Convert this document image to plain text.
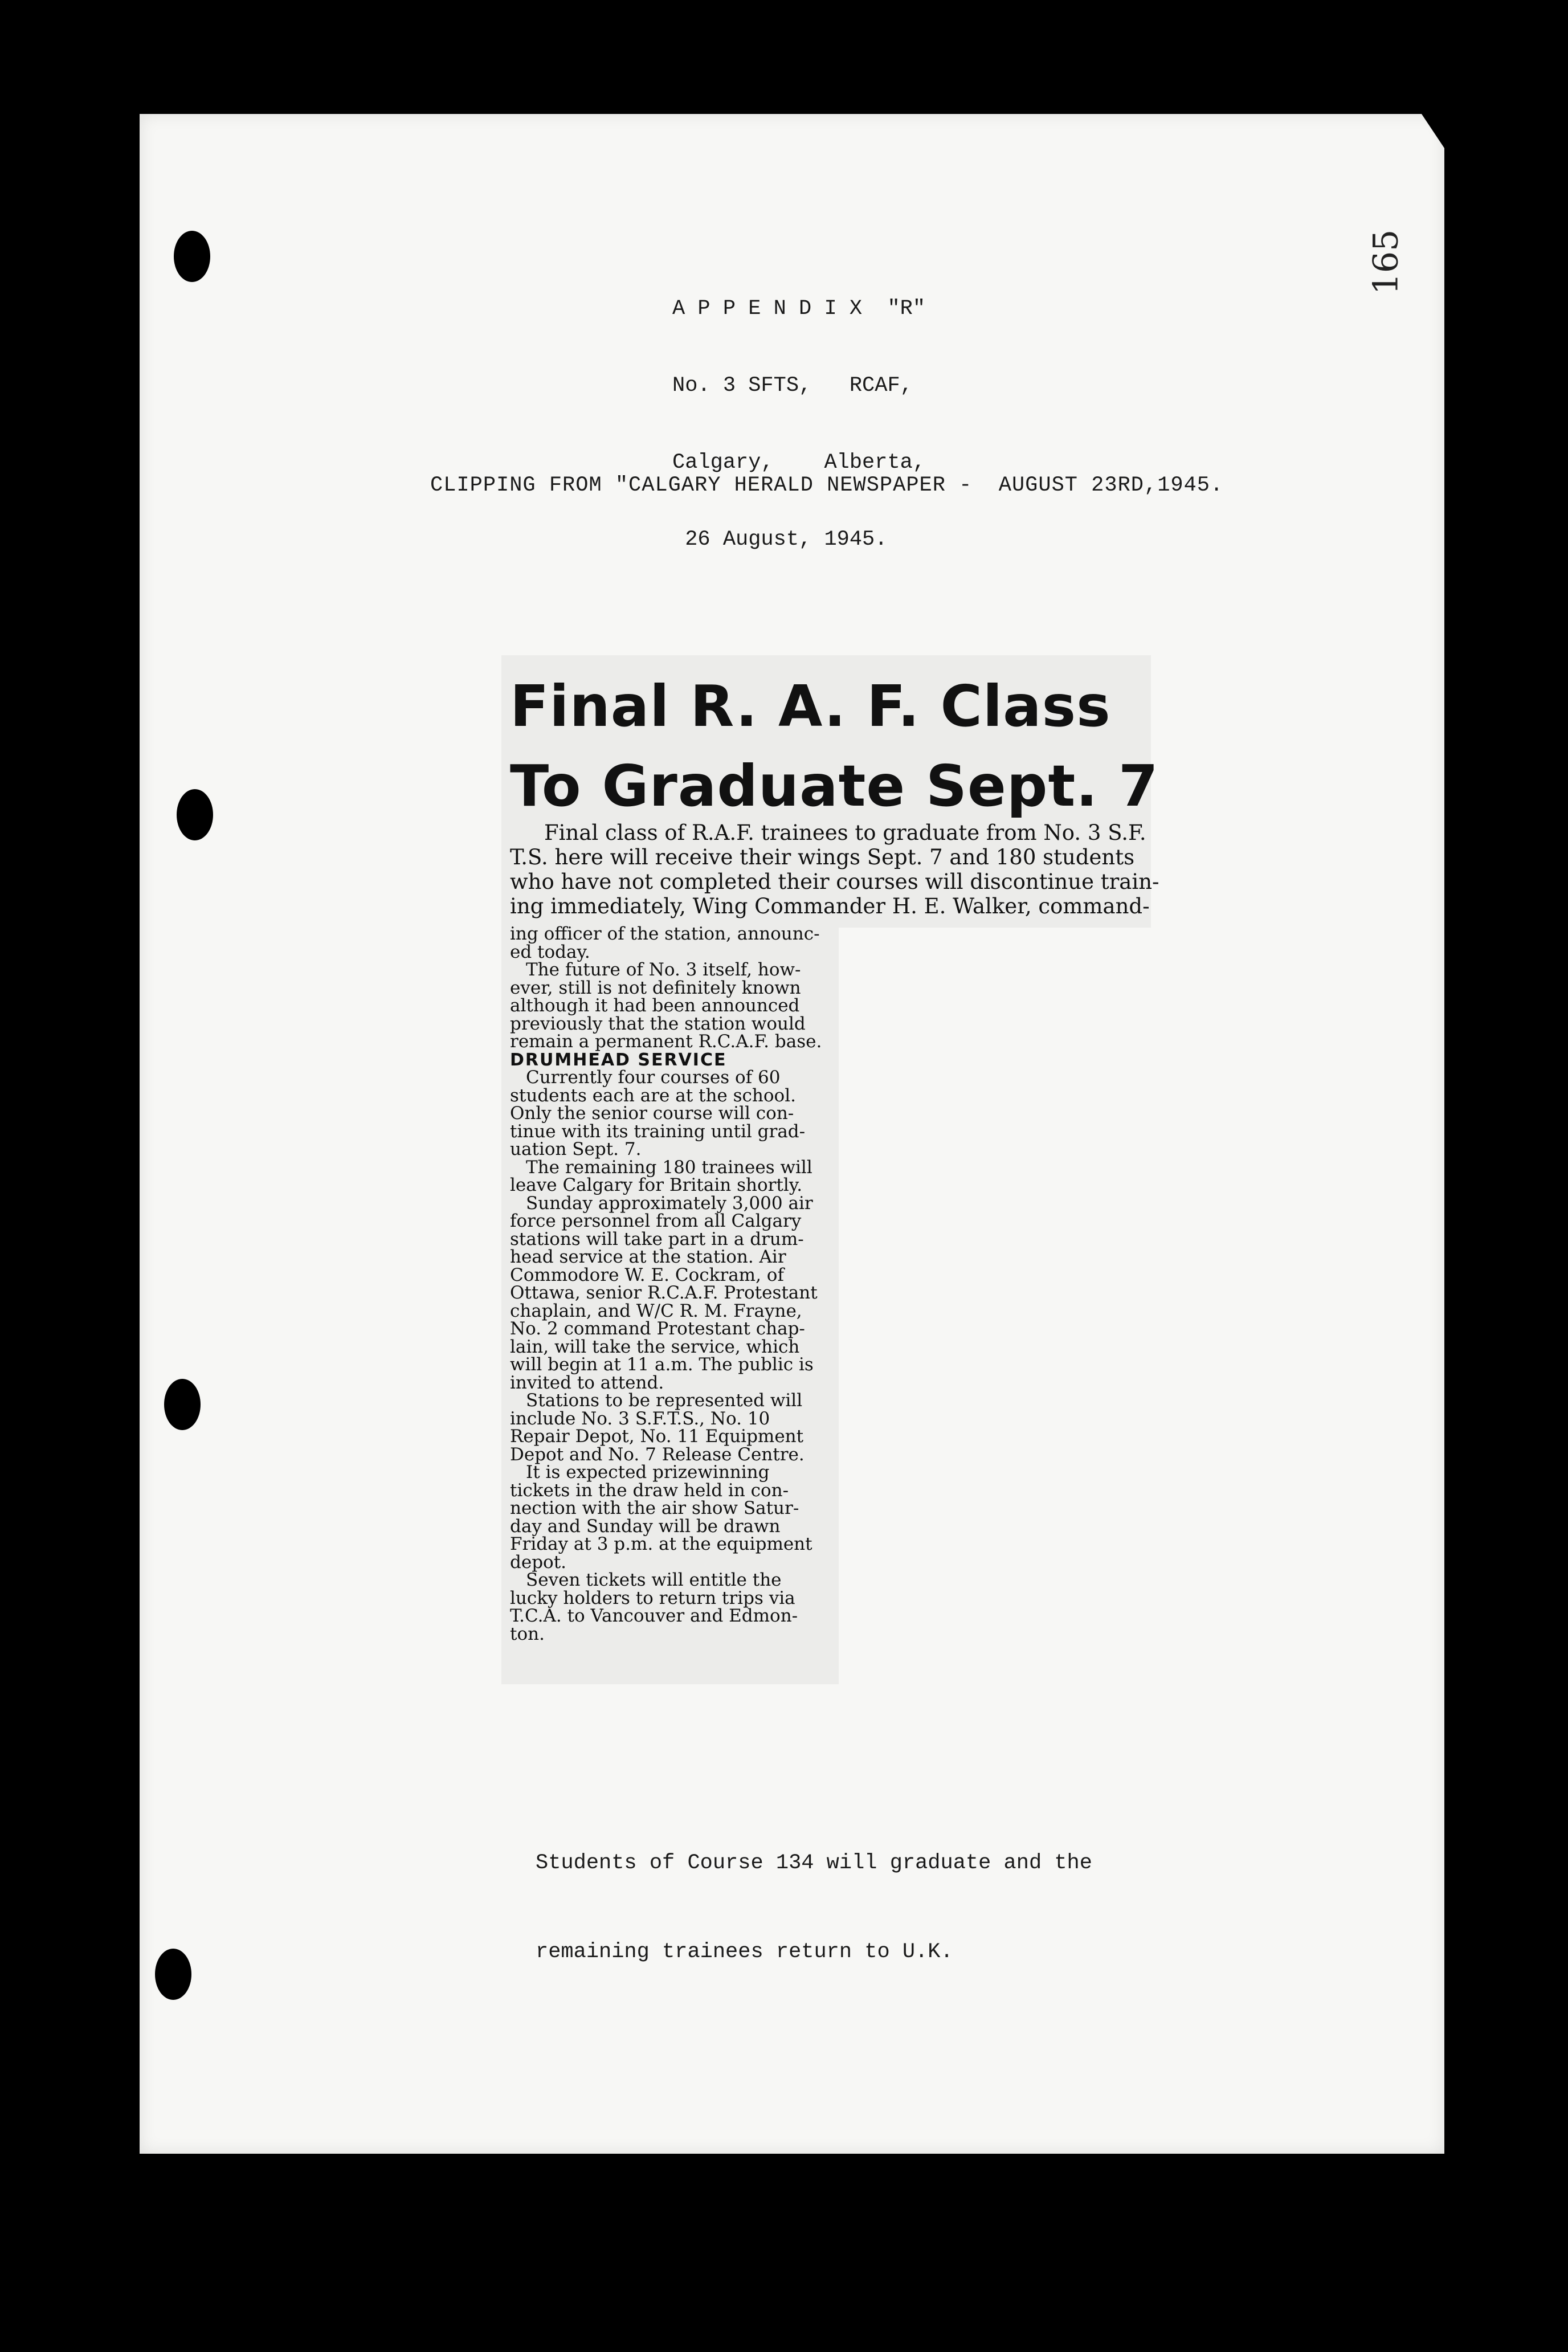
A P P E N D I X  "R"

No. 3 SFTS,   RCAF,

Calgary,    Alberta,

26 August, 1945.

165
CLIPPING FROM "CALGARY HERALD NEWSPAPER -  AUGUST 23RD,1945.
Final R. A. F. Class
To Graduate Sept. 7
Final class of R.A.F. trainees to graduate from No. 3 S.F.
T.S. here will receive their wings Sept. 7 and 180 students
who have not completed their courses will discontinue train-
ing immediately, Wing Commander H. E. Walker, command-
ing officer of the station, announc-
ed today.
The future of No. 3 itself, how-
ever, still is not definitely known
although it had been announced
previously that the station would
remain a permanent R.C.A.F. base.
DRUMHEAD SERVICE
Currently four courses of 60
students each are at the school.
Only the senior course will con-
tinue with its training until grad-
uation Sept. 7.
The remaining 180 trainees will
leave Calgary for Britain shortly.
Sunday approximately 3,000 air
force personnel from all Calgary
stations will take part in a drum-
head service at the station. Air
Commodore W. E. Cockram, of
Ottawa, senior R.C.A.F. Protestant
chaplain, and W/C R. M. Frayne,
No. 2 command Protestant chap-
lain, will take the service, which
will begin at 11 a.m. The public is
invited to attend.
Stations to be represented will
include No. 3 S.F.T.S., No. 10
Repair Depot, No. 11 Equipment
Depot and No. 7 Release Centre.
It is expected prizewinning
tickets in the draw held in con-
nection with the air show Satur-
day and Sunday will be drawn
Friday at 3 p.m. at the equipment
depot.
Seven tickets will entitle the
lucky holders to return trips via
T.C.A. to Vancouver and Edmon-
ton.

Students of Course 134 will graduate and the

remaining trainees return to U.K.
